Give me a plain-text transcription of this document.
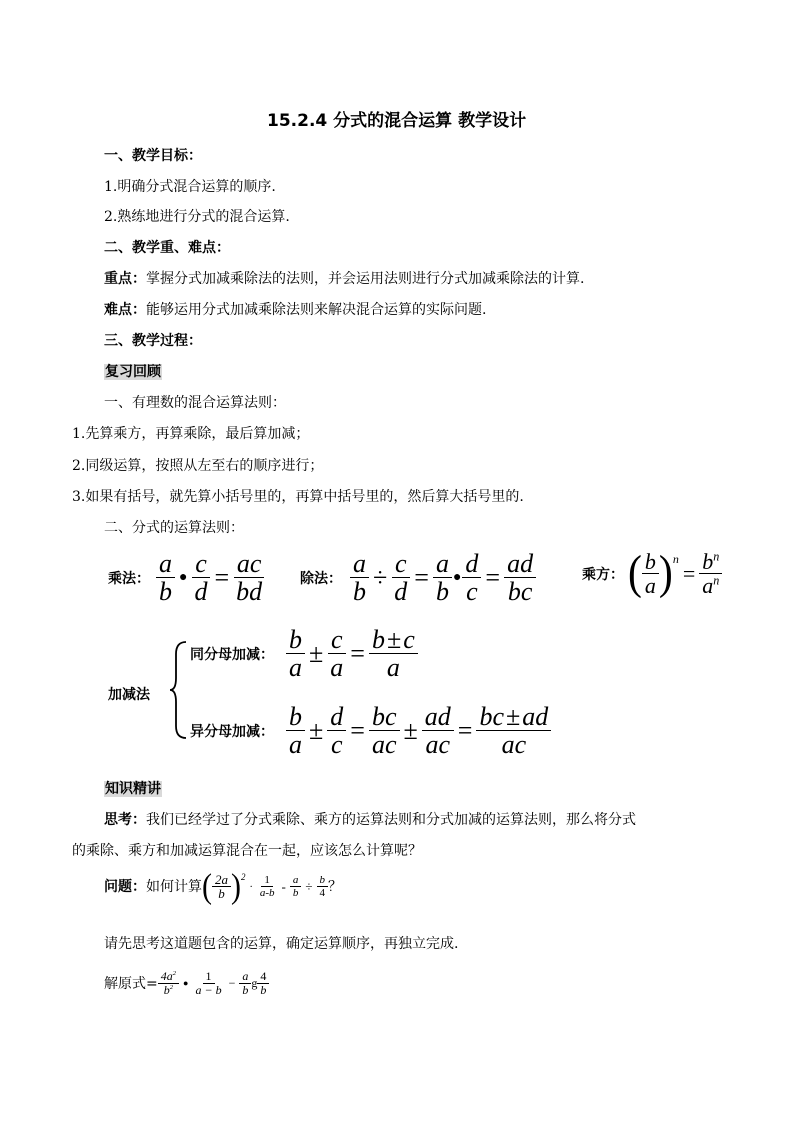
15.2.4 分式的混合运算 教学设计
一、教学目标：
1.明确分式混合运算的顺序.
2.熟练地进行分式的混合运算.
二、教学重、难点：
重点：掌握分式加减乘除法的法则，并会运用法则进行分式加减乘除法的计算.
难点：能够运用分式加减乘除法则来解决混合运算的实际问题.
三、教学过程：
复习回顾
一、有理数的混合运算法则：
1.先算乘方，再算乘除，最后算加减；
2.同级运算，按照从左至右的顺序进行；
3.如果有括号，就先算小括号里的，再算中括号里的，然后算大括号里的.
二、分式的运算法则：
乘法： $\frac{a}{b}$ ● $\frac{c}{d} = \frac{ac}{bd}$ 除法： $\frac{a}{b} \div \frac{c}{d} = \frac{a}{b}$ ● $\frac{d}{c} = \frac{ad}{bc}$	乘方： ( $\frac{b}{a}$ ) n
= $\frac{b^n}{a^n}$
加减法
同分母加减： $\frac{b}{a} \pm \frac{c}{a} = \frac{b\pm c}{a}$
异分母加减： $\frac{b}{a} \pm \frac{d}{c} = \frac{bc}{ac} \pm \frac{ad}{ac} = \frac{bc\pm ad}{ac}$
知识精讲
思考：我们已经学过了分式乘除、乘方的运算法则和分式加减的运算法则，那么将分式
的乘除、乘方和加减运算混合在一起，应该怎么计算呢？
问题： 如何计算 ( $\frac{2a}{b}$ ) 2
· $\frac{1}{a-b} - \frac{a}{b} \div \frac{b}{4}$ ？
请先思考这道题包含的运算，确定运算顺序，再独立完成.
解原式= $\frac{4a^2}{b^2}$ ● $\frac{1}{a - b} - \frac{a}{b}$ g $\frac{4}{b}$
